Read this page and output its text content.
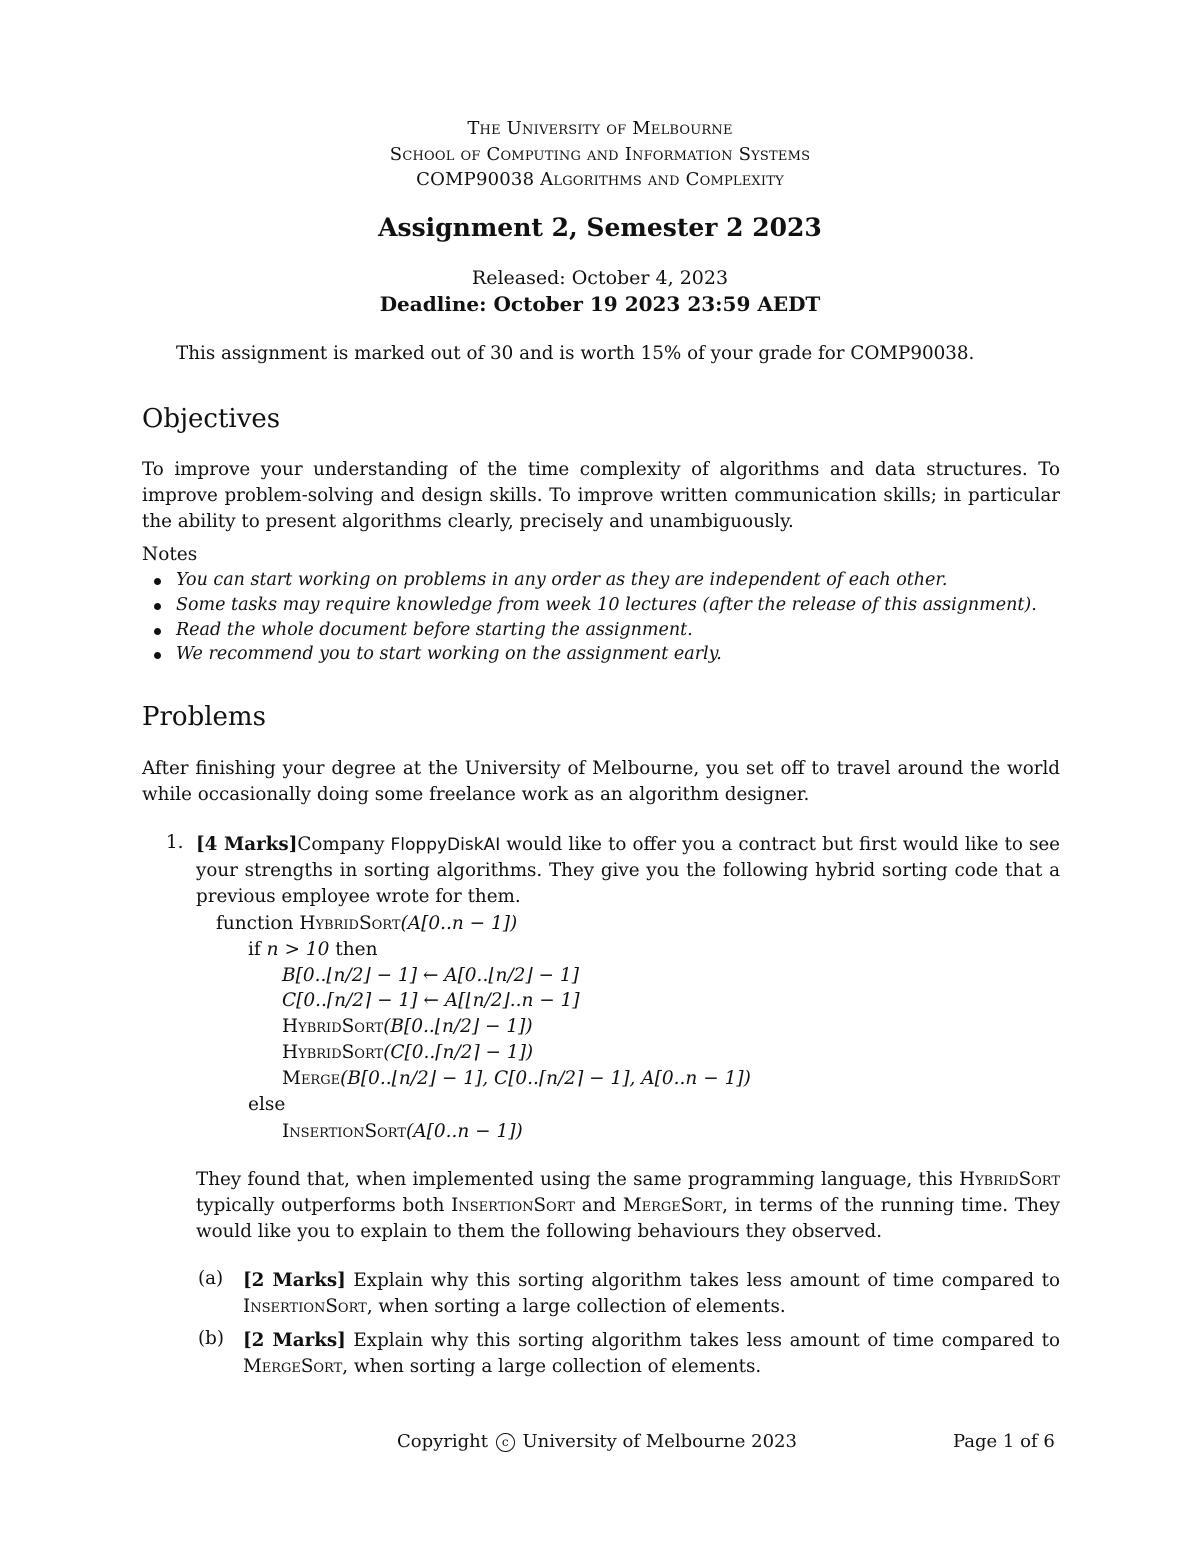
The University of Melbourne
School of Computing and Information Systems
COMP90038 Algorithms and Complexity
Assignment 2, Semester 2 2023
Released: October 4, 2023
Deadline: October 19 2023 23:59 AEDT
This assignment is marked out of 30 and is worth 15% of your grade for COMP90038.
Objectives
To improve your understanding of the time complexity of algorithms and data structures. To improve problem-solving and design skills. To improve written communication skills; in particular the ability to present algorithms clearly, precisely and unambiguously.
Notes
You can start working on problems in any order as they are independent of each other.
Some tasks may require knowledge from week 10 lectures (after the release of this assignment).
Read the whole document before starting the assignment.
We recommend you to start working on the assignment early.
Problems
After finishing your degree at the University of Melbourne, you set off to travel around the world while occasionally doing some freelance work as an algorithm designer.
1. [4 Marks]Company FloppyDiskAI would like to offer you a contract but first would like to see your strengths in sorting algorithms. They give you the following hybrid sorting code that a previous employee wrote for them.
function HybridSort(A[0..n − 1])
if n > 10 then
B[0..⌊n/2⌋ − 1] ← A[0..⌊n/2⌋ − 1]
C[0..⌈n/2⌉ − 1] ← A[⌊n/2⌋..n − 1]
HybridSort(B[0..⌊n/2⌋ − 1])
HybridSort(C[0..⌈n/2⌉ − 1])
Merge(B[0..⌊n/2⌋ − 1], C[0..⌈n/2⌉ − 1], A[0..n − 1])
else
InsertionSort(A[0..n − 1])
They found that, when implemented using the same programming language, this HybridSort typically outperforms both InsertionSort and MergeSort, in terms of the running time. They would like you to explain to them the following behaviours they observed.
(a) [2 Marks] Explain why this sorting algorithm takes less amount of time compared to InsertionSort, when sorting a large collection of elements.
(b) [2 Marks] Explain why this sorting algorithm takes less amount of time compared to MergeSort, when sorting a large collection of elements.
Copyright c University of Melbourne 2023	Page 1 of 6
